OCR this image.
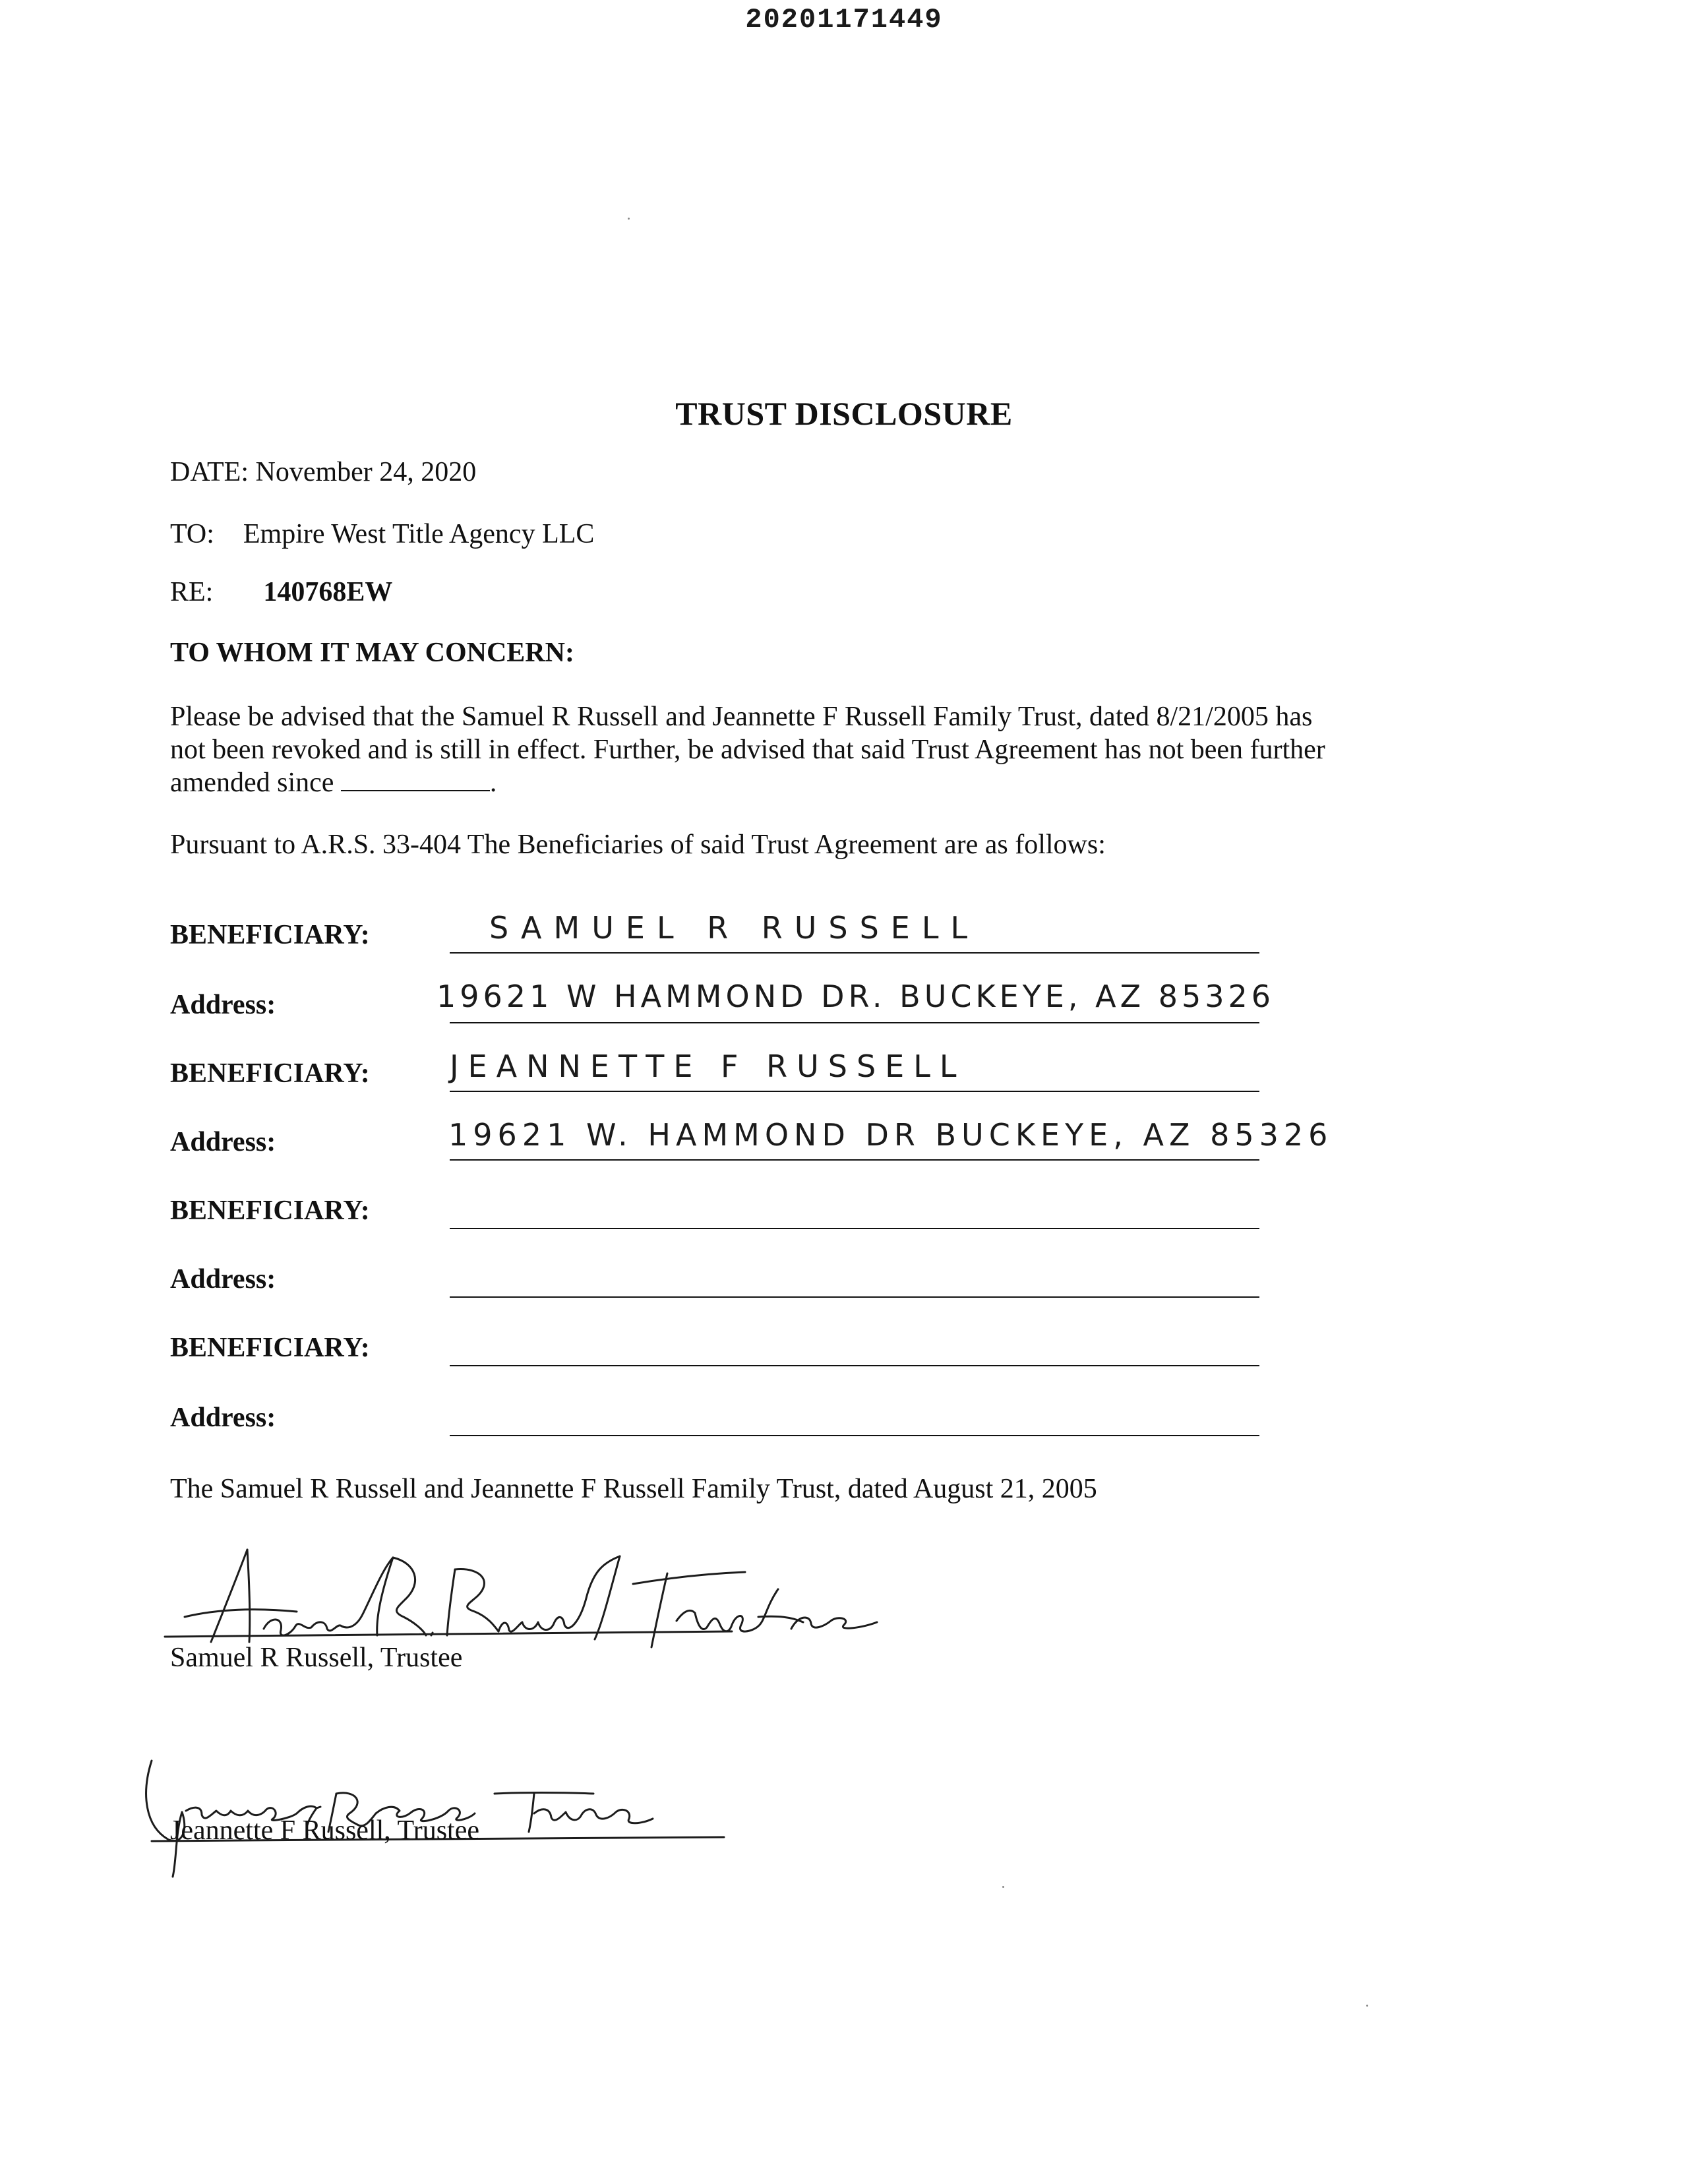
20201171449
TRUST DISCLOSURE
DATE: November 24, 2020
TO: Empire West Title Agency LLC
RE: 140768EW
TO WHOM IT MAY CONCERN:
Please be advised that the Samuel R Russell and Jeannette F Russell Family Trust, dated 8/21/2005 has
not been revoked and is still in effect. Further, be advised that said Trust Agreement has not been further
amended since	.
Pursuant to A.R.S. 33-404 The Beneficiaries of said Trust Agreement are as follows:
BENEFICIARY:	SAMUEL R RUSSELL
Address:	19621 W HAMMOND DR. BUCKEYE, AZ 85326
BENEFICIARY:	JEANNETTE F RUSSELL
Address:	19621 W. HAMMOND DR BUCKEYE, AZ 85326
BENEFICIARY:
Address:
BENEFICIARY:
Address:
The Samuel R Russell and Jeannette F Russell Family Trust, dated August 21, 2005
Samuel R Russell, Trustee
Jeannette F Russell, Trustee
